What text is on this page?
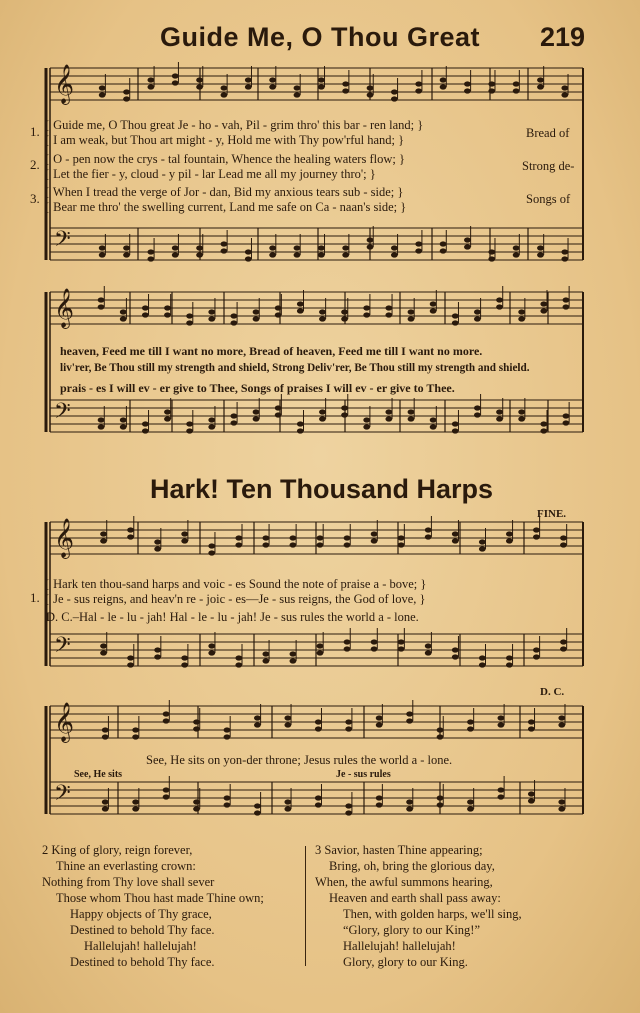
Guide Me, O Thou Great 219
𝄞
𝄢
𝄞
𝄢
𝄞
𝄢
𝄞
𝄢
1.
2.
3.
{ Guide me, O Thou great Je - ho - vah, Pil - grim thro' this bar - ren land; }
{ I am weak, but Thou art might - y, Hold me with Thy pow'rful hand; }
{ O - pen now the crys - tal fountain, Whence the healing waters flow; }
{ Let the fier - y, cloud - y pil - lar Lead me all my journey thro'; }
{ When I tread the verge of Jor - dan, Bid my anxious tears sub - side; }
{ Bear me thro' the swelling current, Land me safe on Ca - naan's side; }
Bread of
Strong de-
Songs of
heaven, Feed me till I want no more, Bread of heaven, Feed me till I want no more.
liv'rer, Be Thou still my strength and shield, Strong Deliv'rer, Be Thou still my strength and shield.
prais - es I will ev - er give to Thee, Songs of praises I will ev - er give to Thee.
Hark! Ten Thousand Harps
FINE.
D. C.
1.
{ Hark ten thou-sand harps and voic - es Sound the note of praise a - bove; }
{ Je - sus reigns, and heav'n re - joic - es—Je - sus reigns, the God of love, }
D. C.–Hal - le - lu - jah! Hal - le - lu - jah! Je - sus rules the world a - lone.
See, He sits on yon-der throne; Jesus rules the world a - lone.
See, He sits	Je - sus rules
2 King of glory, reign forever,
Thine an everlasting crown:
Nothing from Thy love shall sever
Those whom Thou hast made Thine own;
Happy objects of Thy grace,
Destined to behold Thy face.
Hallelujah! hallelujah!
Destined to behold Thy face.
3 Savior, hasten Thine appearing;
Bring, oh, bring the glorious day,
When, the awful summons hearing,
Heaven and earth shall pass away:
Then, with golden harps, we'll sing,
“Glory, glory to our King!”
Hallelujah! hallelujah!
Glory, glory to our King.
